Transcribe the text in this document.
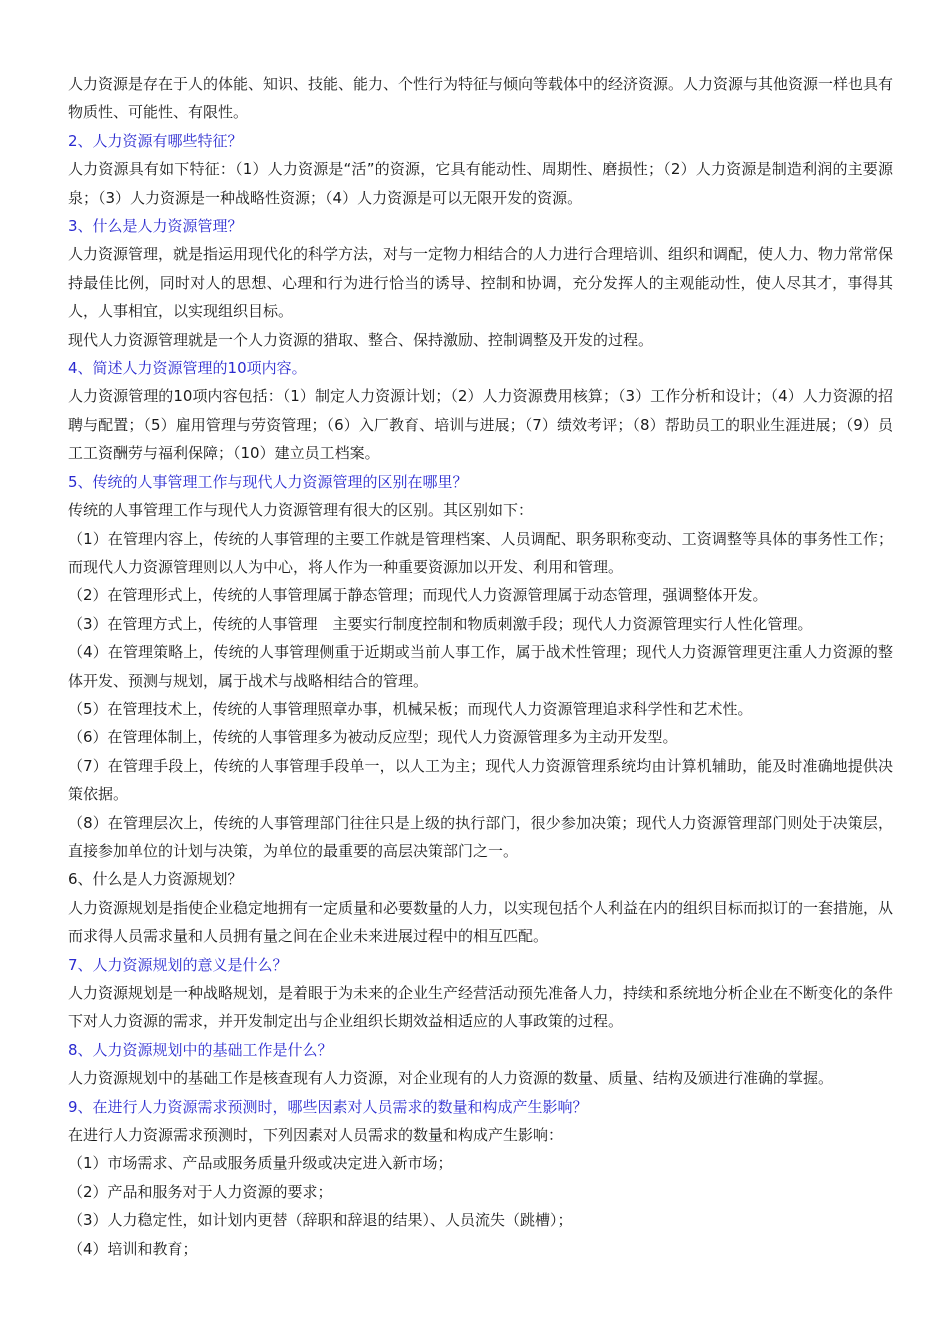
人力资源是存在于人的体能、知识、技能、能力、个性行为特征与倾向等载体中的经济资源。人力资源与其他资源一样也具有物质性、可能性、有限性。

2、人力资源有哪些特征？

人力资源具有如下特征：（1）人力资源是“活”的资源，它具有能动性、周期性、磨损性；（2）人力资源是制造利润的主要源泉；（3）人力资源是一种战略性资源；（4）人力资源是可以无限开发的资源。

3、什么是人力资源管理？

人力资源管理，就是指运用现代化的科学方法，对与一定物力相结合的人力进行合理培训、组织和调配，使人力、物力常常保持最佳比例，同时对人的思想、心理和行为进行恰当的诱导、控制和协调，充分发挥人的主观能动性，使人尽其才，事得其人，人事相宜，以实现组织目标。

现代人力资源管理就是一个人力资源的猎取、整合、保持激励、控制调整及开发的过程。

4、简述人力资源管理的10项内容。

人力资源管理的10项内容包括：（1）制定人力资源计划；（2）人力资源费用核算；（3）工作分析和设计；（4）人力资源的招聘与配置；（5）雇用管理与劳资管理；（6）入厂教育、培训与进展；（7）绩效考评；（8）帮助员工的职业生涯进展；（9）员工工资酬劳与福利保障；（10）建立员工档案。

5、传统的人事管理工作与现代人力资源管理的区别在哪里？

传统的人事管理工作与现代人力资源管理有很大的区别。其区别如下：

（1）在管理内容上，传统的人事管理的主要工作就是管理档案、人员调配、职务职称变动、工资调整等具体的事务性工作；而现代人力资源管理则以人为中心，将人作为一种重要资源加以开发、利用和管理。

（2）在管理形式上，传统的人事管理属于静态管理；而现代人力资源管理属于动态管理，强调整体开发。

（3）在管理方式上，传统的人事管理　主要实行制度控制和物质刺激手段；现代人力资源管理实行人性化管理。

（4）在管理策略上，传统的人事管理侧重于近期或当前人事工作，属于战术性管理；现代人力资源管理更注重人力资源的整体开发、预测与规划，属于战术与战略相结合的管理。

（5）在管理技术上，传统的人事管理照章办事，机械呆板；而现代人力资源管理追求科学性和艺术性。

（6）在管理体制上，传统的人事管理多为被动反应型；现代人力资源管理多为主动开发型。

（7）在管理手段上，传统的人事管理手段单一，以人工为主；现代人力资源管理系统均由计算机辅助，能及时准确地提供决策依据。

（8）在管理层次上，传统的人事管理部门往往只是上级的执行部门，很少参加决策；现代人力资源管理部门则处于决策层，直接参加单位的计划与决策，为单位的最重要的高层决策部门之一。

6、什么是人力资源规划？

人力资源规划是指使企业稳定地拥有一定质量和必要数量的人力，以实现包括个人利益在内的组织目标而拟订的一套措施，从而求得人员需求量和人员拥有量之间在企业未来进展过程中的相互匹配。

7、人力资源规划的意义是什么？

人力资源规划是一种战略规划，是着眼于为未来的企业生产经营活动预先准备人力，持续和系统地分析企业在不断变化的条件下对人力资源的需求，并开发制定出与企业组织长期效益相适应的人事政策的过程。

8、人力资源规划中的基础工作是什么？

人力资源规划中的基础工作是核查现有人力资源，对企业现有的人力资源的数量、质量、结构及颁进行准确的掌握。

9、在进行人力资源需求预测时，哪些因素对人员需求的数量和构成产生影响？

在进行人力资源需求预测时，下列因素对人员需求的数量和构成产生影响：

（1）市场需求、产品或服务质量升级或决定进入新市场；

（2）产品和服务对于人力资源的要求；

（3）人力稳定性，如计划内更替（辞职和辞退的结果）、人员流失（跳槽）；

（4）培训和教育；
